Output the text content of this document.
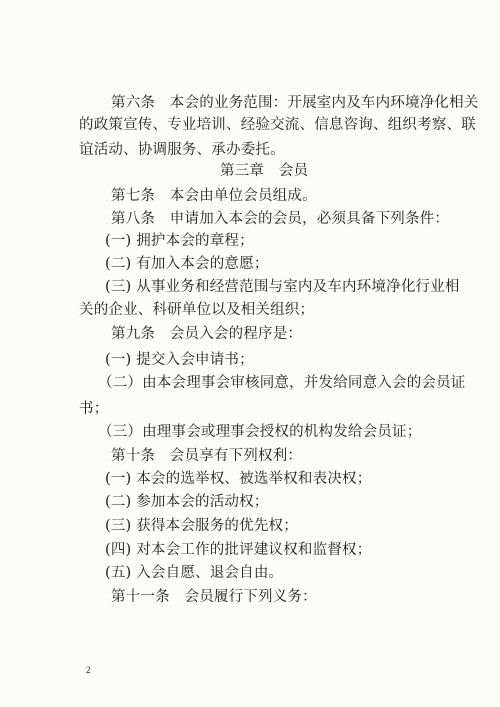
第六条　本会的业务范围：开展室内及车内环境净化相关
的政策宣传、专业培训、经验交流、信息咨询、组织考察、联
谊活动、协调服务、承办委托。
第三章　会员
第七条　本会由单位会员组成。
第八条　申请加入本会的会员，必须具备下列条件：
(一) 拥护本会的章程；
(二) 有加入本会的意愿；
(三) 从事业务和经营范围与室内及车内环境净化行业相
关的企业、科研单位以及相关组织；
第九条　会员入会的程序是：
(一) 提交入会申请书；
（二）由本会理事会审核同意，并发给同意入会的会员证
书；
（三）由理事会或理事会授权的机构发给会员证；
第十条　会员享有下列权利：
(一) 本会的选举权、被选举权和表决权；
(二) 参加本会的活动权；
(三) 获得本会服务的优先权；
(四) 对本会工作的批评建议权和监督权；
(五) 入会自愿、退会自由。
第十一条　会员履行下列义务：
2
